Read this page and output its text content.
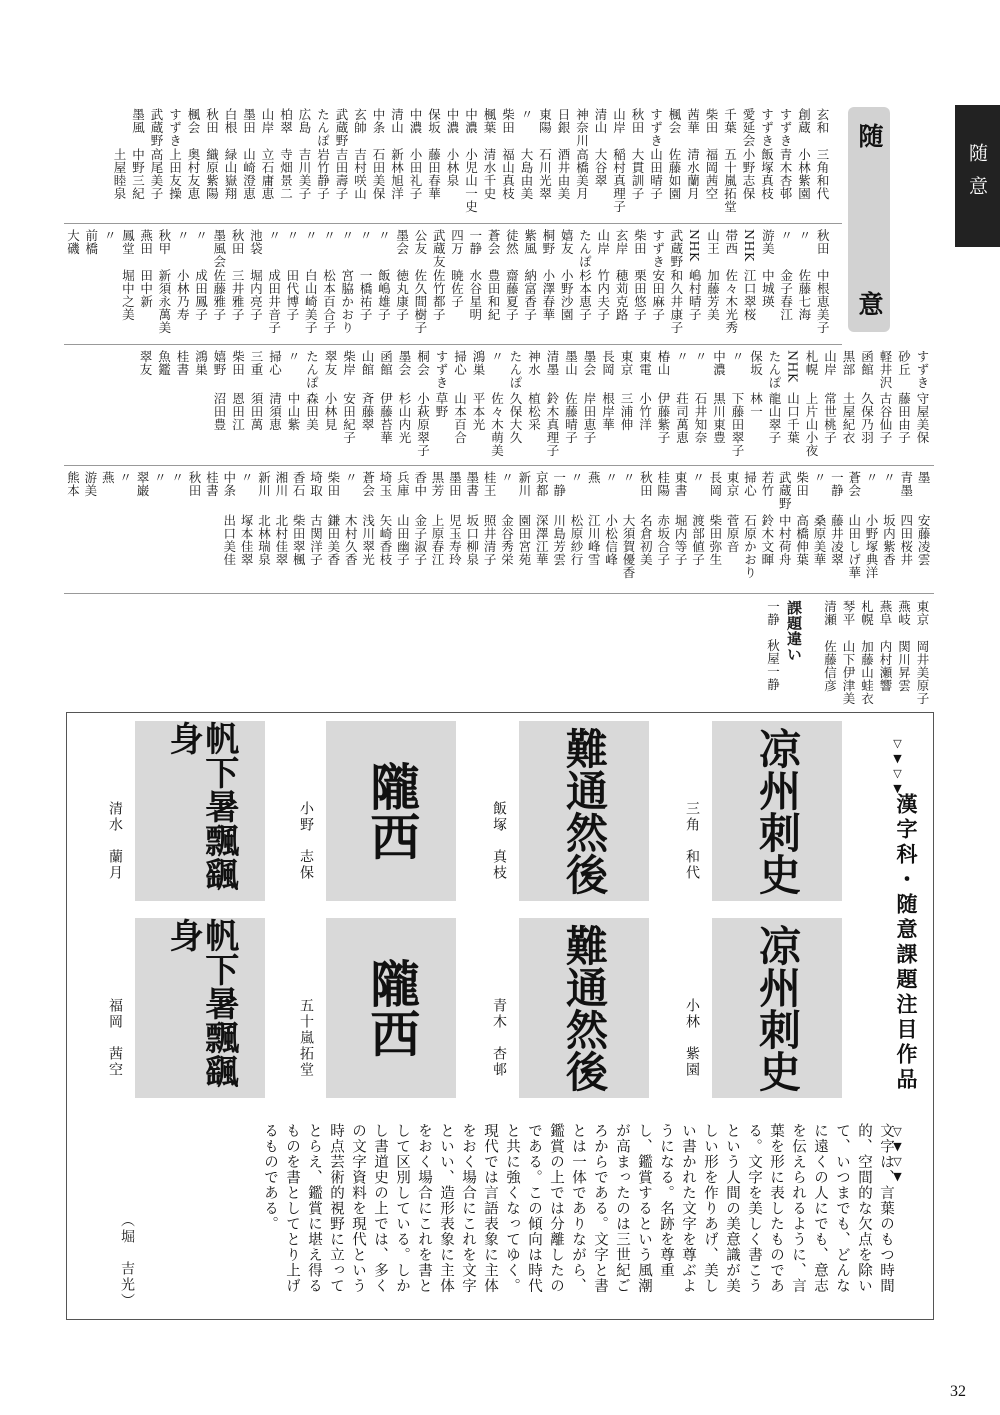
随意
随
意
玄和
創蔵
すずき
すずき
愛延会
千葉
柴田
茜華
楓会
すずき
秋田
山岸
清山
神奈川
日銀
東陽
〃
柴田
楓葉
中濃
中濃
保坂
中濃
清山
中条
玄帥
武蔵野
たんぽ
広島
柏翠
山岸
墨田
白根
秋田
楓会
すずき
武蔵野
墨風
三角和代
小林紫園
青木杏邨
飯塚真枝
小野志保
五十嵐拓堂
福岡茜空
清水蘭月
佐藤如園
山田晴子
大貫訓子
稲村真理子
大谷翠
高橋美月
酒井由美
石川光翠
大島由美
福山真枝
清水千史
小児山一史
小林泉
藤田春華
小田礼子
新林旭洋
石田美保
吉村咲山
吉田壽子
岩竹静子
吉川美子
寺畑景二
立石庸恵
山崎澄恵
緑山嶽翔
織原紫陽
奥村友恵
上田友操
高尾美子
中野三紀
土屋睦泉
秋田
〃
〃
游美
NHK
帯西
山王
NHK
武蔵野
すずき
柴田
玄岸
山岸
たんぽ
嬉友
桐野
紫風
徒然
蒼会
一静
四万
武蔵友
公友
墨会
〃
〃
〃
〃
〃
〃
〃
池袋
秋田
墨風会
〃
〃
秋甲
燕田
鳳堂
〃
前橋
大磯
中根恵美子
佐藤七海
金子春江
中城瑛
江口翠桜
佐々木光秀
加藤芳美
嶋村晴子
和久井康子
安田麻子
栗田悠子
穂苅克路
竹内夫子
杉本恵子
小野沙園
小澤春華
納富香子
齋藤夏子
豊田和紀
水谷星明
暁佐子
佐竹都子
佐久間樹子
徳丸康子
飯嶋雄子
一橋祐子
宮脇かおり
松本百合子
白山崎美子
田代博子
成田井音子
堀内亮子
三井雅子
佐藤雅子
成田鳳子
小林乃寿
新須永萬美
田中新
堀中之美
すずき
砂丘
軽井沢
函館
黒部
山岸
札幌
NHK
たんぽ
保坂
〃
中濃
〃
〃
椿山
東電
東京
長岡
墨会
墨山
清墨
神水
たんぽ
〃
鴻巣
掃心
すずき
桐会
墨会
函館
山館
柴岸
翠友
たんぽ
〃
掃心
三重
柴田
嬉野
鴻巣
桂書
魚鑑
翠友
守屋美保
藤田由子
古谷仙子
久保乃羽
土屋紀衣
常世桃子
上片山小夜
山口千葉
龍山翠子
林一
下藤田翠子
黒川東豊
石井知奈
荘司萬恵
伊藤紫子
小竹洋
三浦伸
根岸華
岸田恵子
佐藤晴子
鈴木真理子
植松采
久保大久
佐々木萌美
平本光
山本百合
草野
小萩原翠子
杉山内光
伊藤苔華
斉藤翠
安田紀子
小林見
森田美
中山紫
清須恵
須田萬
恩田江
沼田豊
墨
青墨
〃
〃
蒼会
一静
〃
柴田
武蔵野
若竹
掃心
東京
長岡
〃
東書
桂陽
秋田
〃
〃
燕
〃
一静
京都
新川
〃
桂王
墨書
墨田
黒芳
香中
兵庫
埼玉
蒼会
〃
柴田
埼取
香石
湘川
新川
〃
中条
桂書
秋田
〃
〃
翠巌
〃
燕
游美
熊本
安藤凌雲
四田桜井
坂内紫香
小野塚典洋
山田しげ華
藤井凌翠
桑原美華
高橋伸葉
中村荷舟
鈴木文暉
石原かおり
菅原音
柴田弥生
渡部値子
堀内等子
赤坂合子
名倉初美
大須賀優香
小松信峰
江川峰雪
松原紗行
川島芳雲
深澤江華
園田宮苑
金谷秀栄
照井清子
坂口柳泉
児玉寿玲
上原春江
金子淑子
山田幽子
矢崎香枝
浅川翠光
木村久香
鎌田美香
古関洋子
柴田翠楓
北村佳翠
北林瑞泉
塚本佳翠
出口美佳
東京
燕岐
燕阜
札幌
琴平
清瀬
岡井美原子
関川昇雲
内村瀬響
加藤山蛙衣
山下伊津美
佐藤信彦
課題違い
一静　秋屋一静
凉州刺史
三角　和代
難通然後
飯塚　真枝
隴西
小野　志保
帆下暑飄颻身
清水　蘭月
凉州刺史
小林　紫園
難通然後
青木　杏邨
隴西
五十嵐拓堂
帆下暑飄颻身
福岡　茜空	漢字科・随意課題注目作品
▽▼▽▼
▽▼▽▼
文字は、言葉のもつ時間的、空間的な欠点を除いて、いつまでも、どんなに遠くの人にでも、意志を伝えられるように、言葉を形に表したものである。文字を美しく書こうという人間の美意識が美しい形を作りあげ、美しい書かれた文字を尊ぶようになる。名跡を尊重し、鑑賞するという風潮が高まったのは三世紀ごろからである。文字と書とは一体でありながら、鑑賞の上では分離したのである。この傾向は時代と共に強くなってゆく。　現代では言語表象に主体をおく場合にこれを文字といい、造形表象に主体をおく場合にこれを書として区別している。しかし書道史の上では、多くの文字資料を現代という時点芸術的視野に立ってとらえ、鑑賞に堪え得るものを書としてとり上げるものである。
（堀　吉光）
32
